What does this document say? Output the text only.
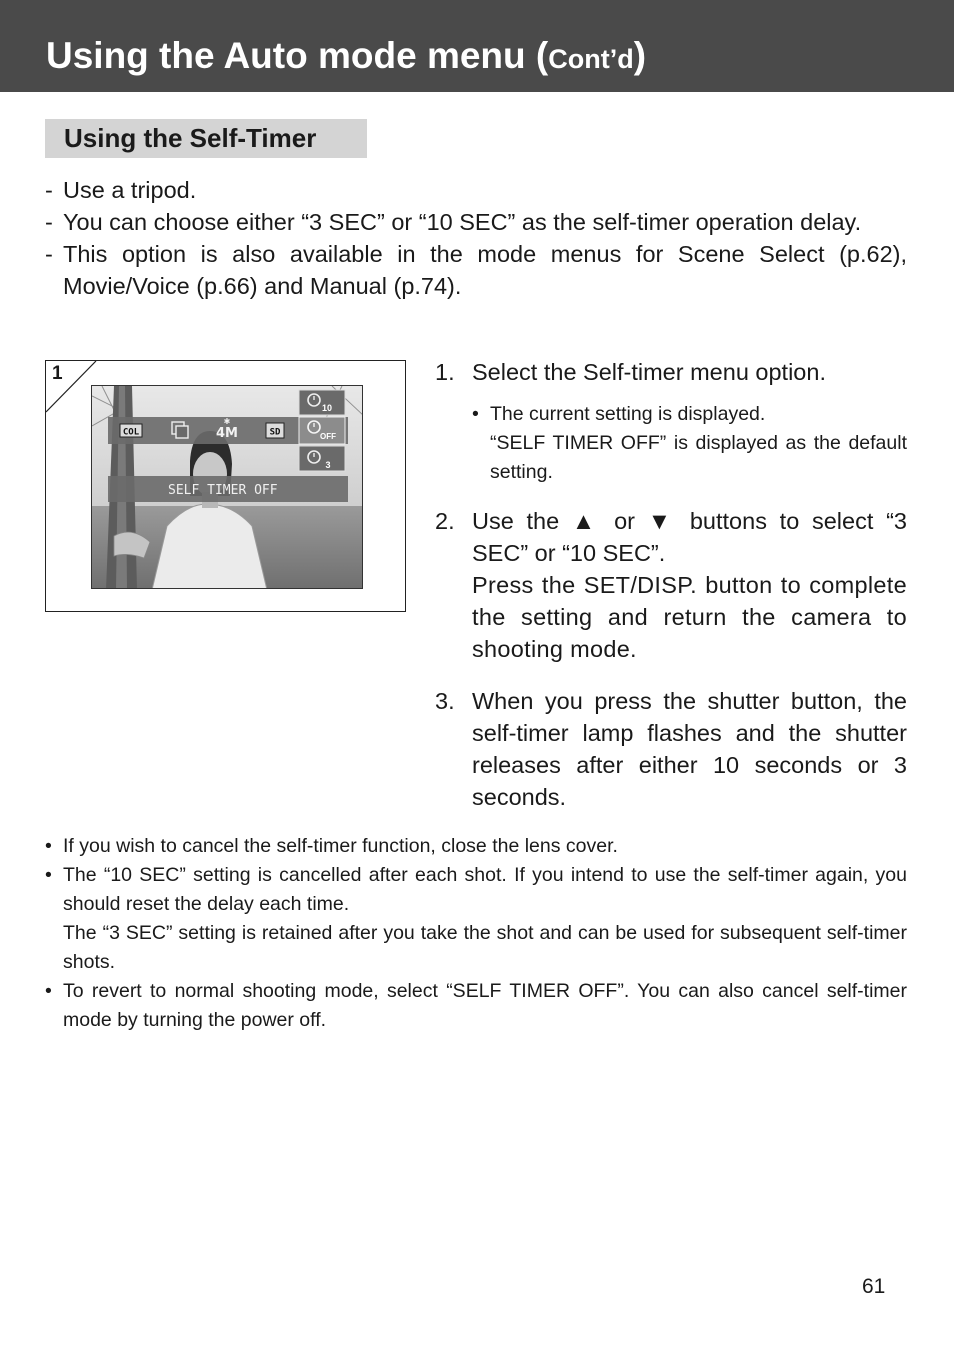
Using the Auto mode menu (Cont’d)
Using the Self-Timer
- Use a tripod.
- You can choose either “3 SEC” or “10 SEC” as the self-timer operation delay.
- This option is also available in the mode menus for Scene Select (p.62), Movie/Voice (p.66) and Manual (p.74).
1
COL	4M
✱
SD
10
OFF
3
SELF TIMER OFF
1. Select the Self-timer menu option.

• The current setting is displayed.

“SELF TIMER OFF” is displayed as the default setting.

2. Use the ▲ or ▼ buttons to select “3 SEC” or “10 SEC”.

Press the SET/DISP. button to complete the setting and return the camera to shooting mode.

3. When you press the shutter button, the self-timer lamp flashes and the shutter releases after either 10 seconds or 3 seconds.

• If you wish to cancel the self-timer function, close the lens cover.

• The “10 SEC” setting is cancelled after each shot. If you intend to use the self-timer again, you should reset the delay each time.

The “3 SEC” setting is retained after you take the shot and can be used for subsequent self-timer shots.

• To revert to normal shooting mode, select “SELF TIMER OFF”. You can also cancel self-timer mode by turning the power off.

61
